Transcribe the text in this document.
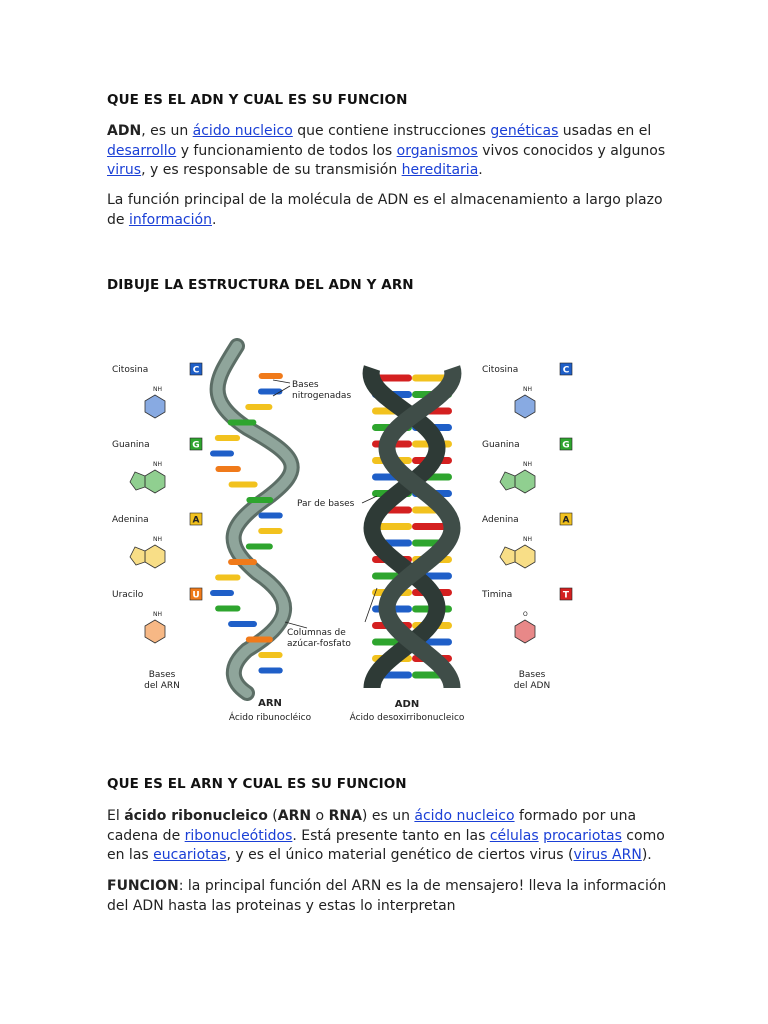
QUE ES EL ADN Y CUAL ES SU FUNCION

ADN, es un ácido nucleico que contiene instrucciones genéticas usadas en el desarrollo y funcionamiento de todos los organismos vivos conocidos y algunos virus, y es responsable de su transmisión hereditaria.

La función principal de la molécula de ADN es el almacenamiento a largo plazo de información.

DIBUJE LA ESTRUCTURA DEL ADN Y ARN
QUE ES EL ARN Y CUAL ES SU FUNCION

El ácido ribonucleico (ARN o RNA) es un ácido nucleico formado por una cadena de ribonucleótidos. Está presente tanto en las células procariotas como en las eucariotas, y es el único material genético de ciertos virus (virus ARN).

FUNCION: la principal función del ARN es la de mensajero! lleva la información del ADN hasta las proteinas y estas lo interpretan

Bases
nitrogenadas
Par de bases
Columnas de
azúcar-fosfato
ARN
Ácido ribunocléico
ADN
Ácido desoxirribonucleico
Citosina	C
NH
Guanina	G
NH
Adenina	A
NH
Uracilo	U
NH
Citosina	C
NH
Guanina	G
NH
Adenina	A
NH
Timina	T
O
Bases
del ARN
Bases
del ADN
